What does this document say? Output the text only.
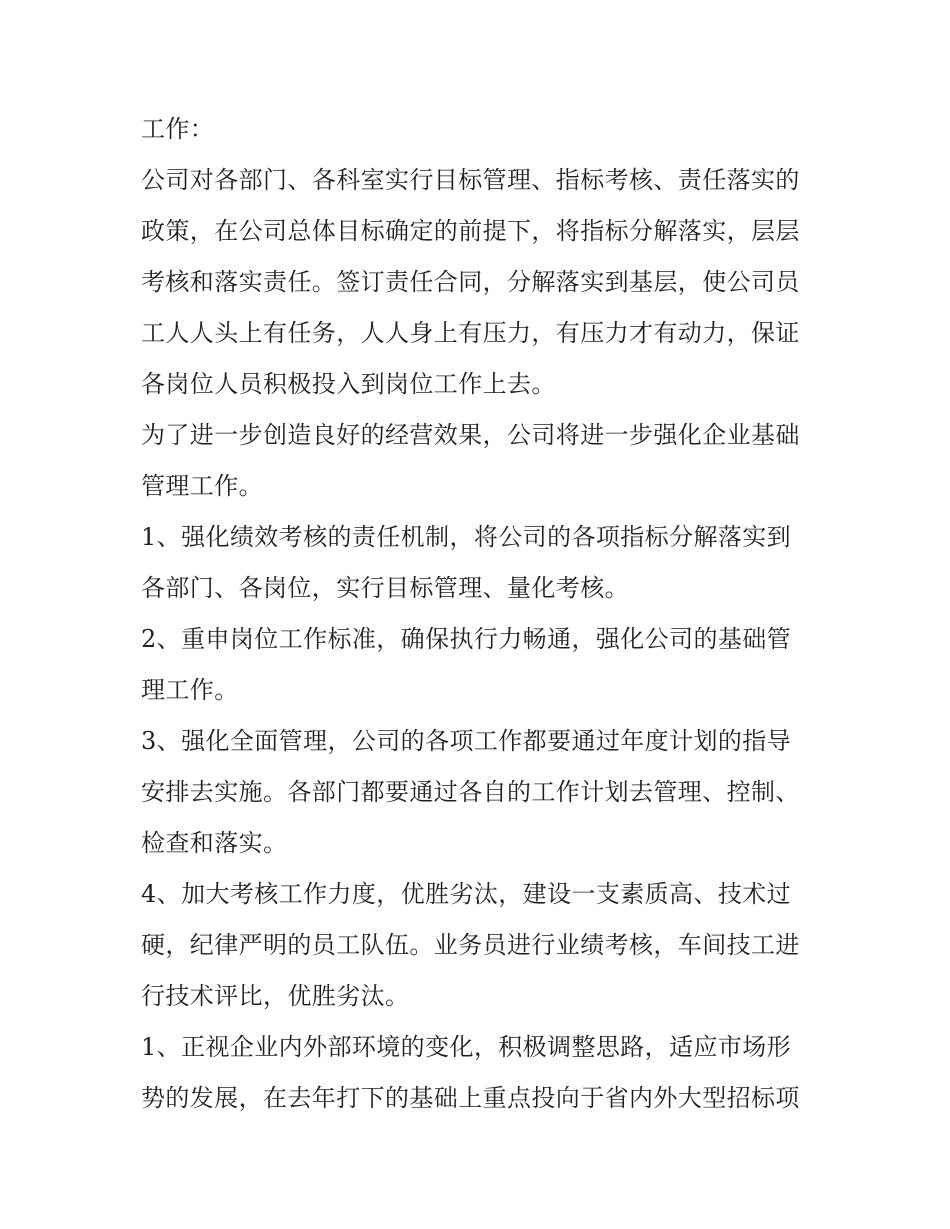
工作：
公司对各部门、各科室实行目标管理、指标考核、责任落实的
政策，在公司总体目标确定的前提下，将指标分解落实，层层
考核和落实责任。签订责任合同，分解落实到基层，使公司员
工人人头上有任务，人人身上有压力，有压力才有动力，保证
各岗位人员积极投入到岗位工作上去。
为了进一步创造良好的经营效果，公司将进一步强化企业基础
管理工作。
1、强化绩效考核的责任机制，将公司的各项指标分解落实到
各部门、各岗位，实行目标管理、量化考核。
2、重申岗位工作标准，确保执行力畅通，强化公司的基础管
理工作。
3、强化全面管理，公司的各项工作都要通过年度计划的指导
安排去实施。各部门都要通过各自的工作计划去管理、控制、
检查和落实。
4、加大考核工作力度，优胜劣汰，建设一支素质高、技术过
硬，纪律严明的员工队伍。业务员进行业绩考核，车间技工进
行技术评比，优胜劣汰。
1、正视企业内外部环境的变化，积极调整思路，适应市场形
势的发展，在去年打下的基础上重点投向于省内外大型招标项
